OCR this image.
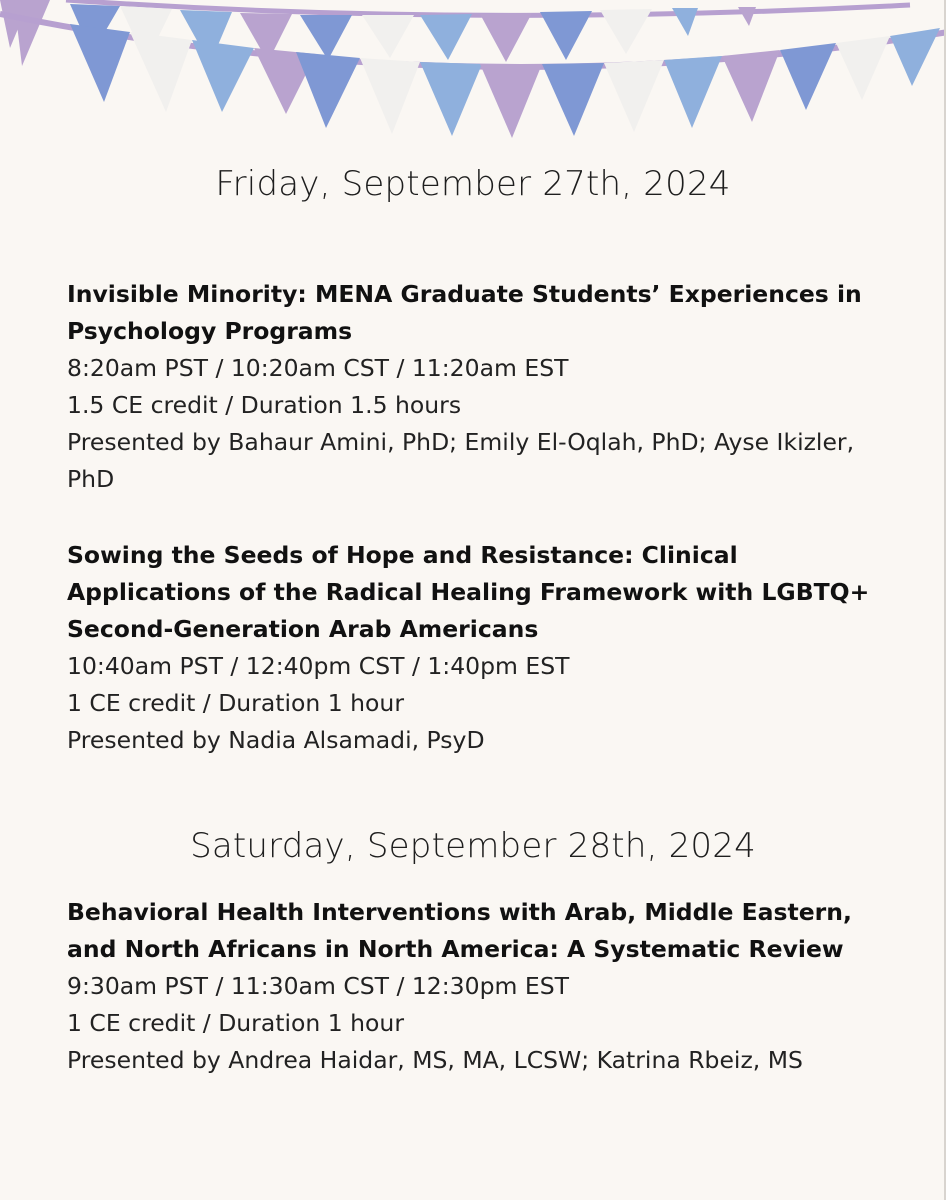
Friday, September 27th, 2024
Invisible Minority: MENA Graduate Students’ Experiences in Psychology Programs
8:20am PST / 10:20am CST / 11:20am EST
1.5 CE credit / Duration 1.5 hours
Presented by Bahaur Amini, PhD; Emily El-Oqlah, PhD; Ayse Ikizler, PhD
Sowing the Seeds of Hope and Resistance: Clinical Applications of the Radical Healing Framework with LGBTQ+ Second-Generation Arab Americans
10:40am PST / 12:40pm CST / 1:40pm EST
1 CE credit / Duration 1 hour
Presented by Nadia Alsamadi, PsyD
Saturday, September 28th, 2024
Behavioral Health Interventions with Arab, Middle Eastern, and North Africans in North America: A Systematic Review
9:30am PST / 11:30am CST / 12:30pm EST
1 CE credit / Duration 1 hour
Presented by Andrea Haidar, MS, MA, LCSW; Katrina Rbeiz, MS
